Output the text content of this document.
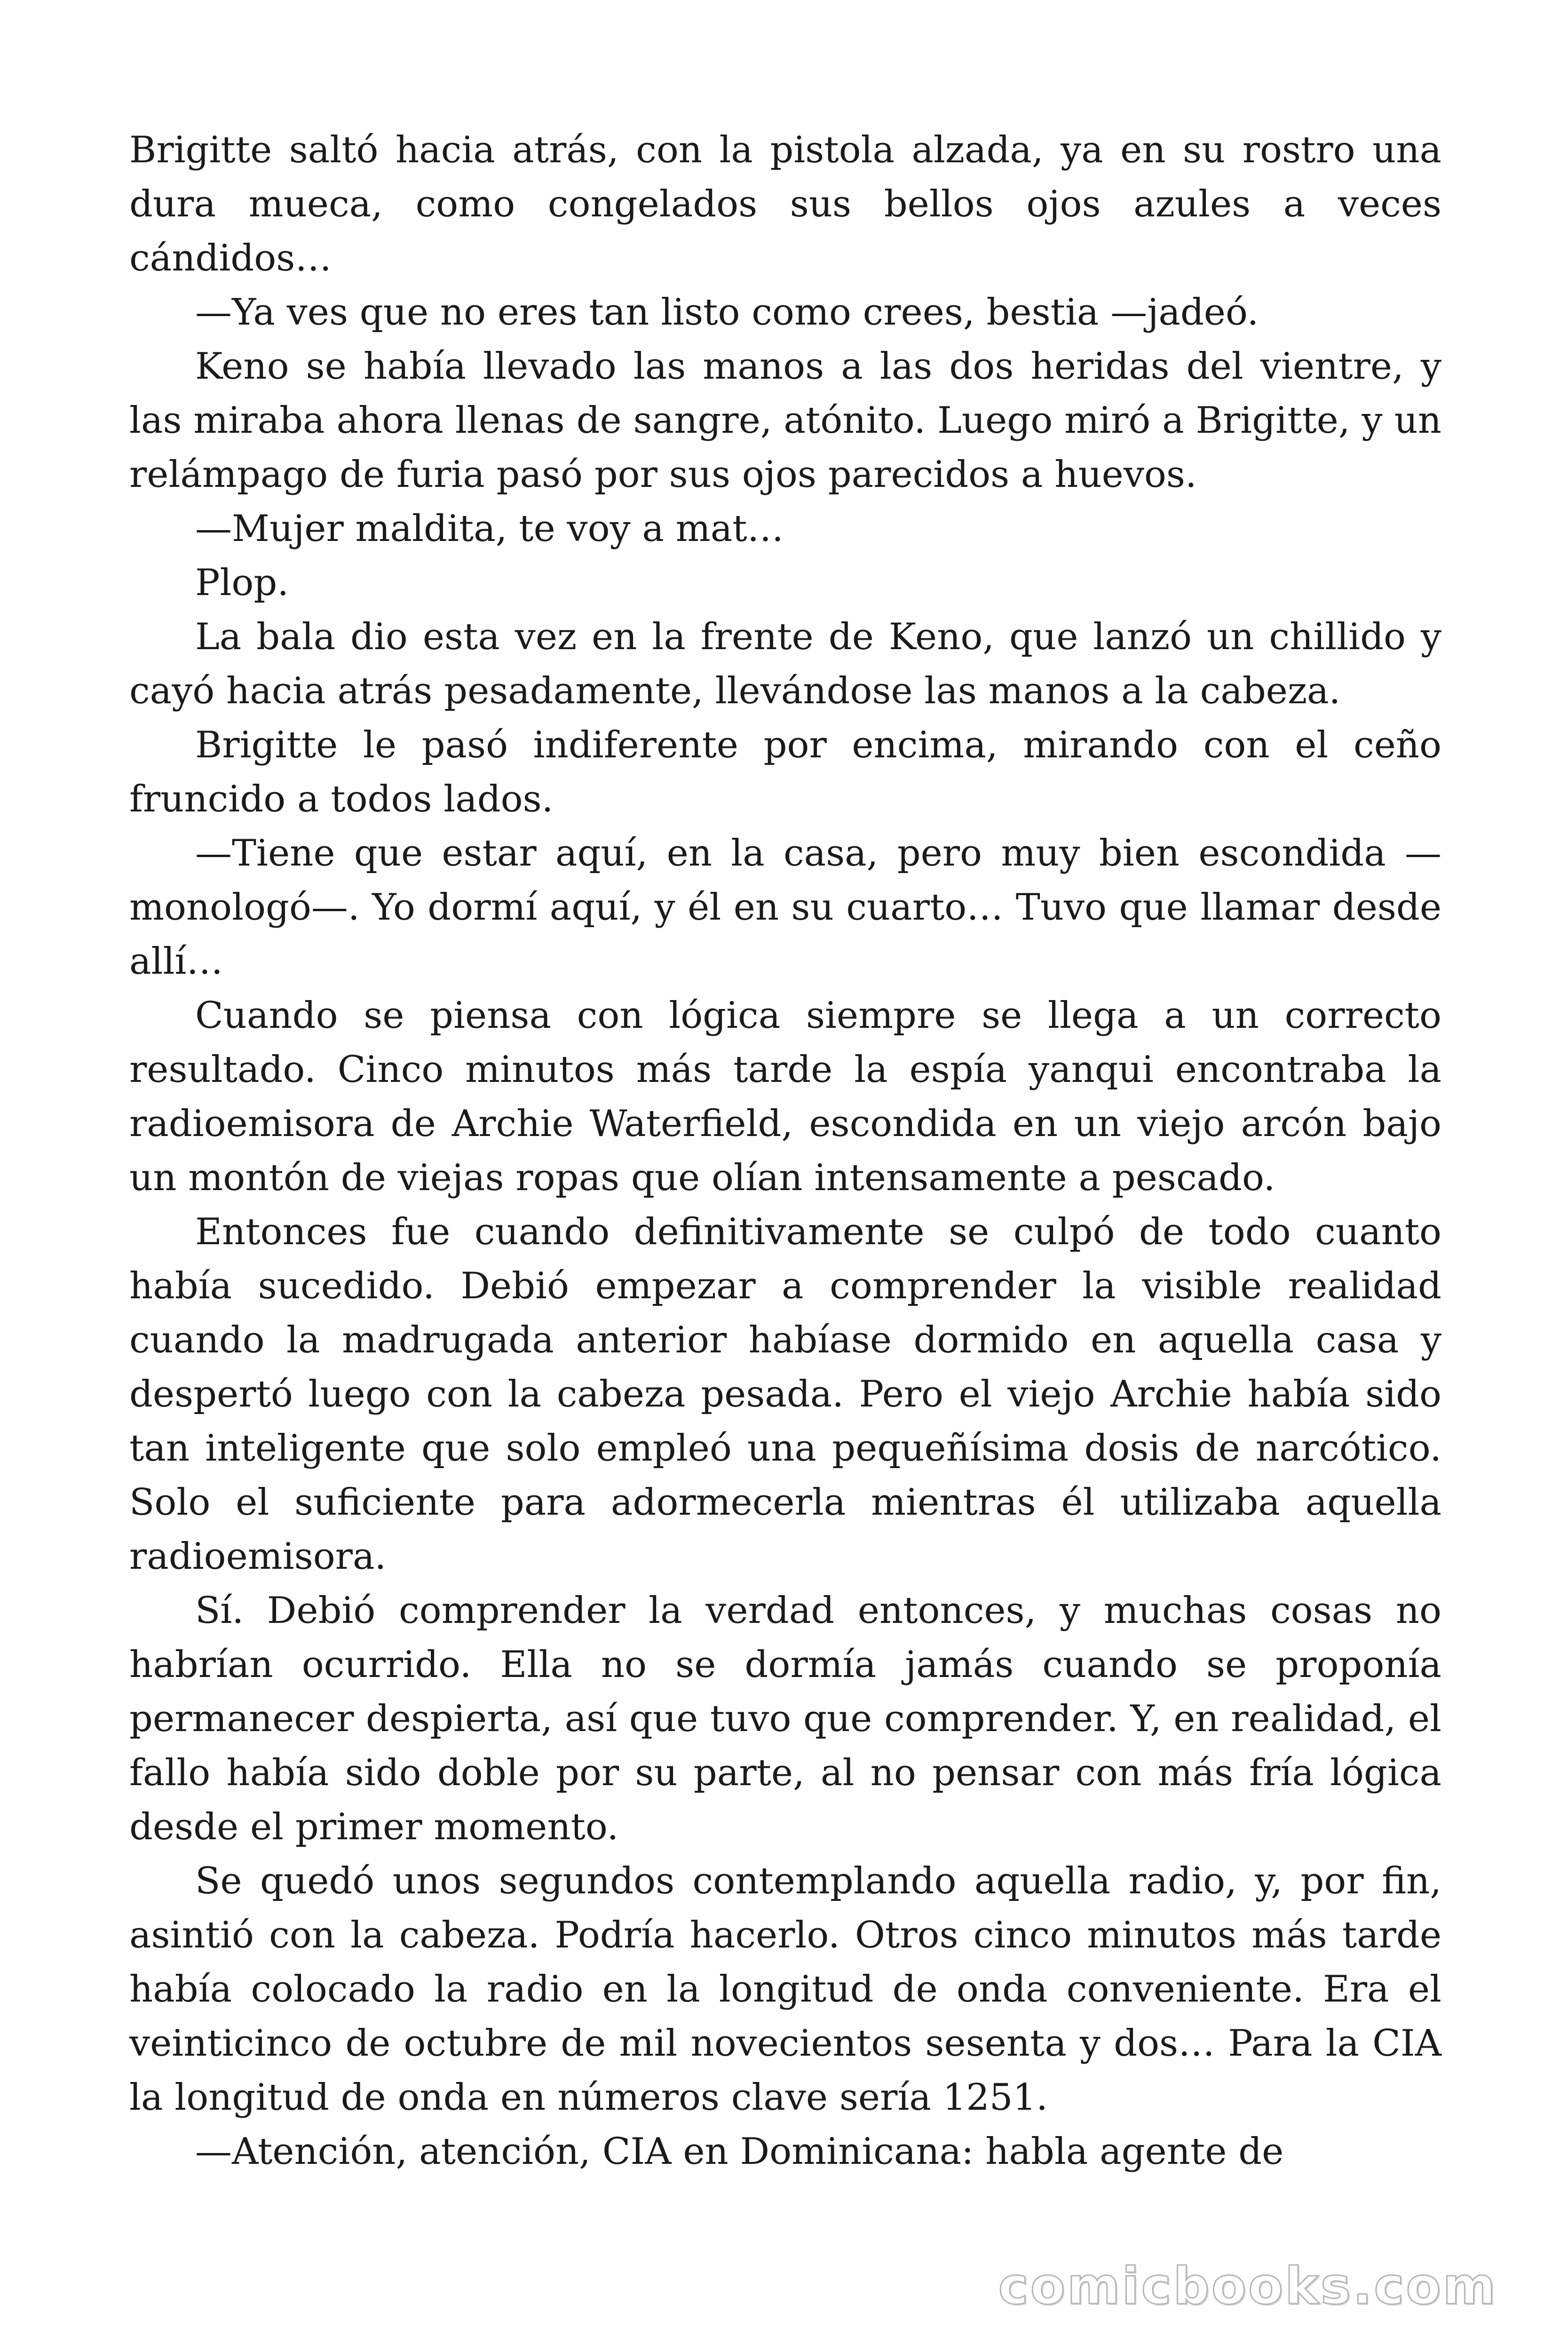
Brigitte saltó hacia atrás, con la pistola alzada, ya en su rostro una dura mueca, como congelados sus bellos ojos azules a veces cándidos…

—Ya ves que no eres tan listo como crees, bestia —jadeó.

Keno se había llevado las manos a las dos heridas del vientre, y las miraba ahora llenas de sangre, atónito. Luego miró a Brigitte, y un relámpago de furia pasó por sus ojos parecidos a huevos.

—Mujer maldita, te voy a mat…

Plop.

La bala dio esta vez en la frente de Keno, que lanzó un chillido y cayó hacia atrás pesadamente, llevándose las manos a la cabeza.

Brigitte le pasó indiferente por encima, mirando con el ceño fruncido a todos lados.

—Tiene que estar aquí, en la casa, pero muy bien escondida —monologó—. Yo dormí aquí, y él en su cuarto… Tuvo que llamar desde allí…

Cuando se piensa con lógica siempre se llega a un correcto resultado. Cinco minutos más tarde la espía yanqui encontraba la radioemisora de Archie Waterfield, escondida en un viejo arcón bajo un montón de viejas ropas que olían intensamente a pescado.

Entonces fue cuando definitivamente se culpó de todo cuanto había sucedido. Debió empezar a comprender la visible realidad cuando la madrugada anterior habíase dormido en aquella casa y despertó luego con la cabeza pesada. Pero el viejo Archie había sido tan inteligente que solo empleó una pequeñísima dosis de narcótico. Solo el suficiente para adormecerla mientras él utilizaba aquella radioemisora.

Sí. Debió comprender la verdad entonces, y muchas cosas no habrían ocurrido. Ella no se dormía jamás cuando se proponía permanecer despierta, así que tuvo que comprender. Y, en realidad, el fallo había sido doble por su parte, al no pensar con más fría lógica desde el primer momento.

Se quedó unos segundos contemplando aquella radio, y, por fin, asintió con la cabeza. Podría hacerlo. Otros cinco minutos más tarde había colocado la radio en la longitud de onda conveniente. Era el veinticinco de octubre de mil novecientos sesenta y dos… Para la CIA la longitud de onda en números clave sería 1251.

—Atención, atención, CIA en Dominicana: habla agente de

comicbooks.com
